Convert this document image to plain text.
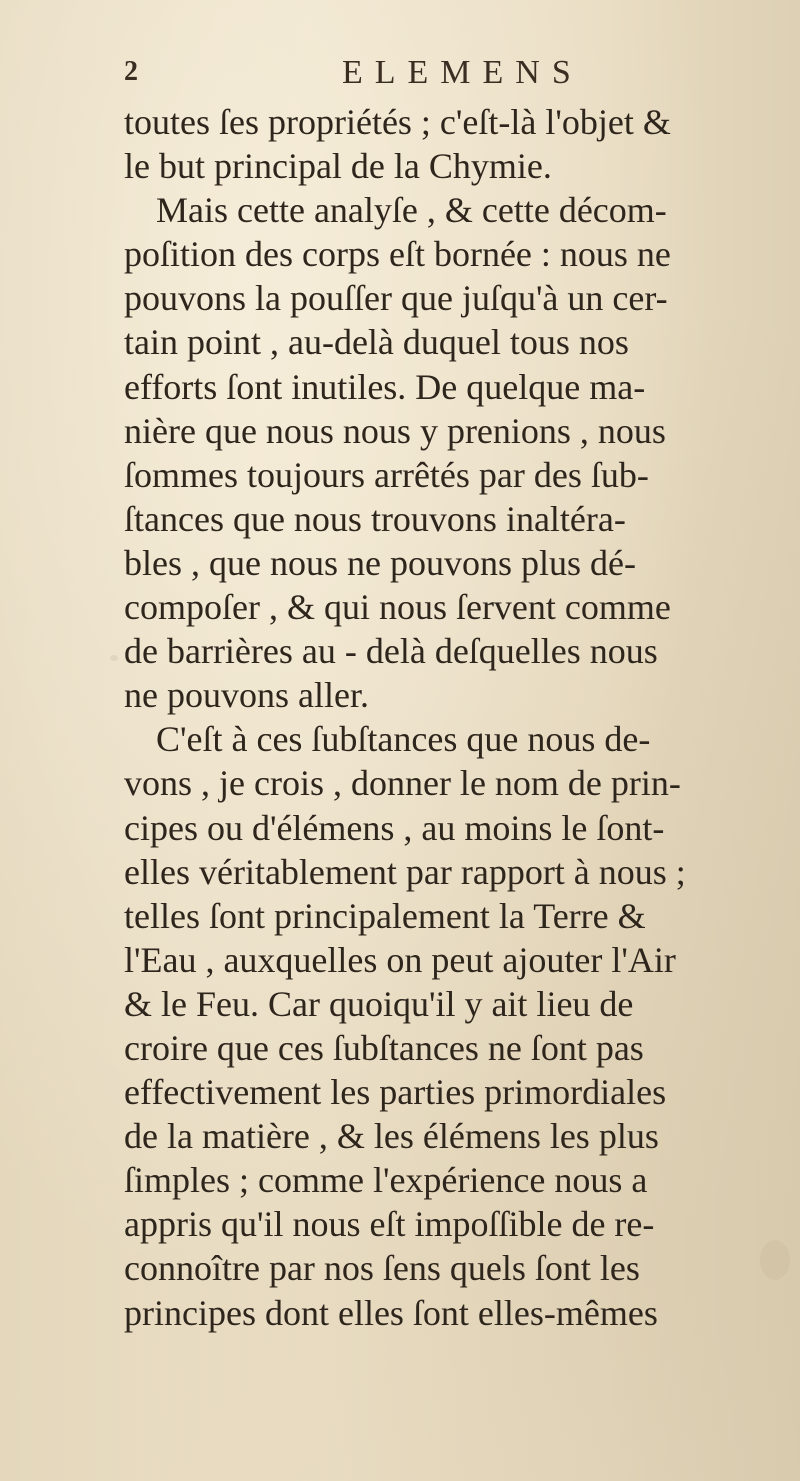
2	ELEMENS
toutes ſes propriétés ; c'eſt-là l'objet &
le but principal de la Chymie.
Mais cette analyſe , & cette décom-
poſition des corps eſt bornée : nous ne
pouvons la pouſſer que juſqu'à un cer-
tain point , au-delà duquel tous nos
efforts ſont inutiles. De quelque ma-
nière que nous nous y prenions , nous
ſommes toujours arrêtés par des ſub-
ſtances que nous trouvons inaltéra-
bles , que nous ne pouvons plus dé-
compoſer , & qui nous ſervent comme
de barrières au - delà deſquelles nous
ne pouvons aller.
C'eſt à ces ſubſtances que nous de-
vons , je crois , donner le nom de prin-
cipes ou d'élémens , au moins le ſont-
elles véritablement par rapport à nous ;
telles ſont principalement la Terre &
l'Eau , auxquelles on peut ajouter l'Air
& le Feu. Car quoiqu'il y ait lieu de
croire que ces ſubſtances ne ſont pas
effectivement les parties primordiales
de la matière , & les élémens les plus
ſimples ; comme l'expérience nous a
appris qu'il nous eſt impoſſible de re-
connoître par nos ſens quels ſont les
principes dont elles ſont elles-mêmes
